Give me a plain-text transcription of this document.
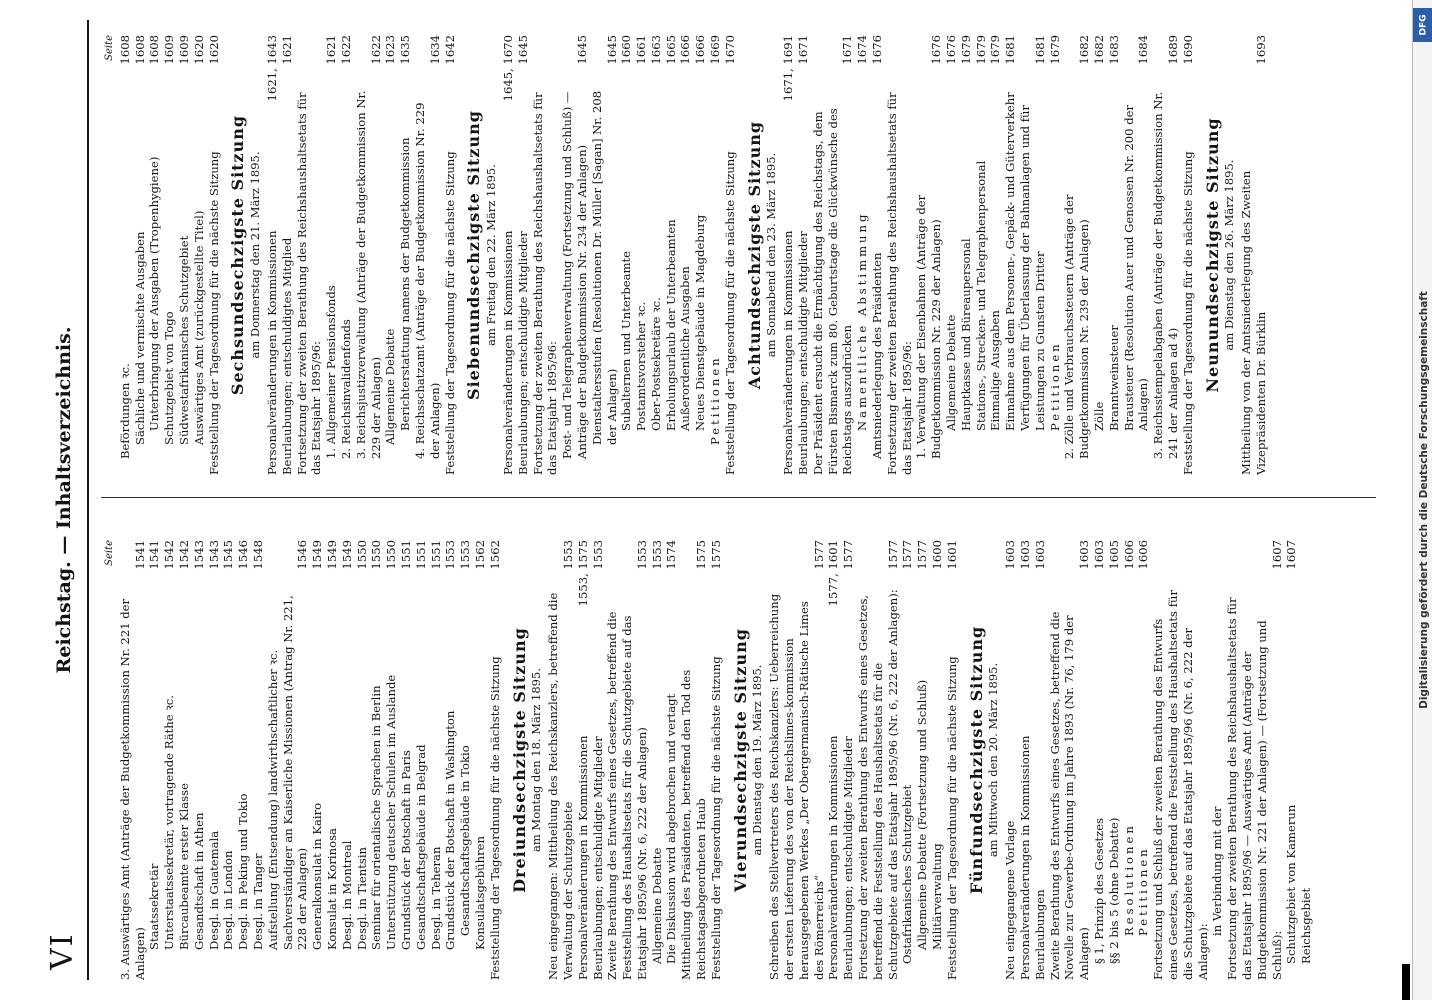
VI
Reichstag. — Inhaltsverzeichnis.	Seite
3. Auswärtiges Amt (Anträge der Budgetkommission Nr. 221 der Anlagen)
1541
Staatssekretär
1541
Unterstaatssekretär, vortragende Räthe ꝛc.
1542
Bürcaubeamte erster Klasse
1542
Gesandtschaft in Athen
1543
Desgl. in Guatemala
1543
Desgl. in London
1545
Desgl. in Peking und Tokio
1546
Desgl. in Tanger
1548
Aufstellung (Entsendung) landwirthschaftlicher ꝛc. Sachverständiger an Kaiserliche Missionen (Antrag Nr. 221, 228 der Anlagen)
1546
Generalkonsulat in Kairo
1549
Konsulat in Korinosa
1549
Desgl. in Montreal
1549
Desgl. in Tientsin
1550
Seminar für orientalische Sprachen in Berlin
1550
Unterstützung deutscher Schulen im Auslande
1550
Grundstück der Botschaft in Paris
1551
Gesandtschaftsgebäude in Belgrad
1551
Desgl. in Teheran
1551
Grundstück der Botschaft in Washington
1553
Gesandtschaftsgebäude in Tokio
1553
Konsulatsgebühren
1562
Feststellung der Tagesordnung für die nächste Sitzung
1562
Dreiundsechzigste Sitzung am Montag den 18. März 1895. Neu eingegangen: Mittheilung des Reichskanzlers, betreffend die Verwaltung der Schutzgebiete
1553
Personalveränderungen in Kommissionen
1553, 1575
Beurlaubungen; entschuldigte Mitglieder
1553
Zweite Berathung des Entwurfs eines Gesetzes, betreffend die Feststellung des Haushaltsetats für die Schutzgebiete auf das Etatsjahr 1895/96 (Nr. 6, 222 der Anlagen)
1553
Allgemeine Debatte
1553
Die Diskussion wird abgebrochen und vertagt
1574
Mittheilung des Präsidenten, betreffend den Tod des Reichstagsabgeordneten Haub
1575
Feststellung der Tagesordnung für die nächste Sitzung
1575
Vierundsechzigste Sitzung am Dienstag den 19. März 1895. Schreiben des Stellvertreters des Reichskanzlers: Ueberreichung der ersten Lieferung des von der Reichslimes-kommission herausgegebenen Werkes „Der Obergermanisch-Rätische Limes des Römerreichs“
1577
Personalveränderungen in Kommissionen
1577, 1601
Beurlaubungen; entschuldigte Mitglieder
1577
Fortsetzung der zweiten Berathung des Entwurfs eines Gesetzes, betreffend die Feststellung des Haushaltsetats für die Schutzgebiete auf das Etatsjahr 1895/96 (Nr. 6, 222 der Anlagen):
1577
Ostafrikanisches Schutzgebiet
1577
Allgemeine Debatte (Fortsetzung und Schluß)
1577
Militärverwaltung
1600
Feststellung der Tagesordnung für die nächste Sitzung
1601
Fünfundsechzigste Sitzung am Mittwoch den 20. März 1895.
Neu eingegangene Vorlage
1603
Personalveränderungen in Kommissionen
1603
Beurlaubungen
1603
Zweite Berathung des Entwurfs eines Gesetzes, betreffend die Novelle zur Gewerbe-Ordnung im Jahre 1893 (Nr. 76, 179 der Anlagen)
1603
§ 1, Prinzip des Gesetzes
1603
§§ 2 bis 5 (ohne Debatte)
1605
Resolutionen
1606
Petitionen
1606
Fortsetzung und Schluß der zweiten Berathung des Entwurfs eines Gesetzes, betreffend die Feststellung des Haushaltsetats für die Schutzgebiete auf das Etatsjahr 1895/96 (Nr. 6, 222 der Anlagen):
in Verbindung mit der Fortsetzung der zweiten Berathung des Reichshaushaltsetats für das Etatsjahr 1895/96 — Auswärtiges Amt (Anträge der Budgetkommission Nr. 221 der Anlagen) — (Fortsetzung und Schluß):
1607
Schutzgebiet von Kamerun
1607
Reichsgebiet
Seite
Befördungen ꝛc.
1608
Sächliche und vermischte Ausgaben
1608
Unterbringung der Ausgaben (Tropenhygiene)
1608
Schutzgebiet von Togo
1609
Südwestafrikanisches Schutzgebiet
1609
Auswärtiges Amt (zurückgestellte Titel)
1620
Feststellung der Tagesordnung für die nächste Sitzung
1620
Sechsundsechzigste Sitzung am Donnerstag den 21. März 1895. Personalveränderungen in Kommissionen
1621, 1643
Beurlaubungen; entschuldigtes Mitglied
1621
Fortsetzung der zweiten Berathung des Reichshaushaltsetats für das Etatsjahr 1895/96: 1. Allgemeiner Pensionsfonds
1621
2. Reichsinvalidenfonds
1622
3. Reichsjustizverwaltung (Anträge der Budgetkommission Nr. 229 der Anlagen)
1622
Allgemeine Debatte
1623
Berichterstattung namens der Budgetkommission
1635
4. Reichsschatzamt (Anträge der Budgetkommission Nr. 229 der Anlagen)
1634
Feststellung der Tagesordnung für die nächste Sitzung
1642
Siebenundsechzigste Sitzung am Freitag den 22. März 1895. Personalveränderungen in Kommissionen
1645, 1670
Beurlaubungen; entschuldigte Mitglieder
1645
Fortsetzung der zweiten Berathung des Reichshaushaltsetats für das Etatsjahr 1895/96: Post- und Telegraphenverwaltung (Fortsetzung und Schluß) — Anträge der Budgetkommission Nr. 234 der Anlagen)
1645
Dienstaltersstufen (Resolutionen Dr. Müller [Sagan] Nr. 208 der Anlagen)
1645
Subalternen und Unterbeamte
1660
Postamtsvorsteher ꝛc.
1661
Ober-Postsekretäre ꝛc.
1663
Erholungsurlaub der Unterbeamten
1665
Außerordentliche Ausgaben
1666
Neues Dienstgebäude in Magdeburg
1666
Petitionen
1669
Feststellung der Tagesordnung für die nächste Sitzung
1670
Achtundsechzigste Sitzung am Sonnabend den 23. März 1895. Personalveränderungen in Kommissionen
1671, 1691
Beurlaubungen; entschuldigte Mitglieder
1671
Der Präsident ersucht die Ermächtigung des Reichstags, dem Fürsten Bismarck zum 80. Geburtstage die Glückwünsche des Reichstags auszudrücken
1671
Namentliche Abstimmung
1674
Amtsniederlegung des Präsidenten
1676
Fortsetzung der zweiten Berathung des Reichshaushaltsetats für das Etatsjahr 1895/96: 1. Verwaltung der Eisenbahnen (Anträge der Budgetkommission Nr. 229 der Anlagen)
1676
Allgemeine Debatte
1676
Hauptkasse und Büreaupersonal
1679
Stations-, Strecken- und Telegraphenpersonal
1679
Einmalige Ausgaben
1679
Einnahme aus dem Personen-, Gepäck- und Güterverkehr
1681
Verfügungen für Überlassung der Bahnanlagen und für Leistungen zu Gunsten Dritter
1681
Petitionen
1679
2. Zölle und Verbrauchssteuern (Anträge der Budgetkommission Nr. 239 der Anlagen)
1682
Zölle
1682
Branntweinsteuer
1683
Brausteuer (Resolution Auer und Genossen Nr. 200 der Anlagen)
1684
3. Reichsstempelabgaben (Anträge der Budgetkommission Nr. 241 der Anlagen ad 4)
1689
Feststellung der Tagesordnung für die nächste Sitzung
1690
Neunundsechzigste Sitzung am Dienstag den 26. März 1895. Mittheilung von der Amtsniederlegung des Zweiten Vizepräsidenten Dr. Bürklin
1693
Digitalisierung gefördert durch die Deutsche Forschungsgemeinschaft
DFG
